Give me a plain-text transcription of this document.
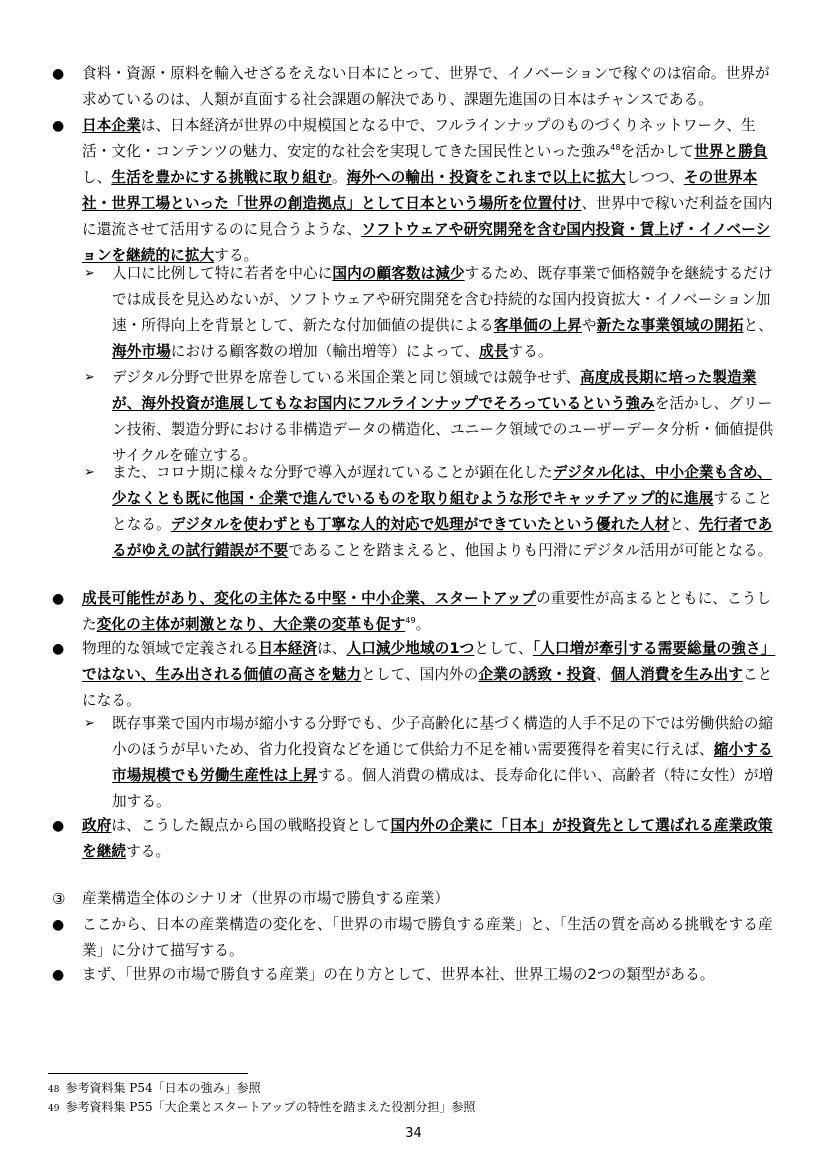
● 食料・資源・原料を輸入せざるをえない日本にとって、世界で、イノベーションで稼ぐのは宿命。世界が求めているのは、人類が直面する社会課題の解決であり、課題先進国の日本はチャンスである。
● 日本企業は、日本経済が世界の中規模国となる中で、フルラインナップのものづくりネットワーク、生活・文化・コンテンツの魅力、安定的な社会を実現してきた国民性といった強み$^{48}$を活かして世界と勝負し、生活を豊かにする挑戦に取り組む。海外への輸出・投資をこれまで以上に拡大しつつ、その世界本社・世界工場といった「世界の創造拠点」として日本という場所を位置付け、世界中で稼いだ利益を国内に還流させて活用するのに見合うような、ソフトウェアや研究開発を含む国内投資・賃上げ・イノベーションを継続的に拡大する。
➢ 人口に比例して特に若者を中心に国内の顧客数は減少するため、既存事業で価格競争を継続するだけでは成長を見込めないが、ソフトウェアや研究開発を含む持続的な国内投資拡大・イノベーション加速・所得向上を背景として、新たな付加価値の提供による客単価の上昇や新たな事業領域の開拓と、海外市場における顧客数の増加（輸出増等）によって、成長する。
➢ デジタル分野で世界を席巻している米国企業と同じ領域では競争せず、高度成長期に培った製造業が、海外投資が進展してもなお国内にフルラインナップでそろっているという強みを活かし、グリーン技術、製造分野における非構造データの構造化、ユニーク領域でのユーザーデータ分析・価値提供サイクルを確立する。
➢ また、コロナ期に様々な分野で導入が遅れていることが顕在化したデジタル化は、中小企業も含め、少なくとも既に他国・企業で進んでいるものを取り組むような形でキャッチアップ的に進展することとなる。デジタルを使わずとも丁寧な人的対応で処理ができていたという優れた人材と、先行者であるがゆえの試行錯誤が不要であることを踏まえると、他国よりも円滑にデジタル活用が可能となる。
● 成長可能性があり、変化の主体たる中堅・中小企業、スタートアップの重要性が高まるとともに、こうした変化の主体が刺激となり、大企業の変革も促す$^{49}$。
● 物理的な領域で定義される日本経済は、人口減少地域の1つとして、「人口増が牽引する需要総量の強さ」ではない、生み出される価値の高さを魅力として、国内外の企業の誘致・投資、個人消費を生み出すことになる。
➢ 既存事業で国内市場が縮小する分野でも、少子高齢化に基づく構造的人手不足の下では労働供給の縮小のほうが早いため、省力化投資などを通じて供給力不足を補い需要獲得を着実に行えば、縮小する市場規模でも労働生産性は上昇する。個人消費の構成は、長寿命化に伴い、高齢者（特に女性）が増加する。
● 政府は、こうした観点から国の戦略投資として国内外の企業に「日本」が投資先として選ばれる産業政策を継続する。
③ 産業構造全体のシナリオ（世界の市場で勝負する産業）
● ここから、日本の産業構造の変化を、「世界の市場で勝負する産業」と、「生活の質を高める挑戦をする産業」に分けて描写する。
● まず、「世界の市場で勝負する産業」の在り方として、世界本社、世界工場の2つの類型がある。
48 参考資料集 P54「日本の強み」参照
49 参考資料集 P55「大企業とスタートアップの特性を踏まえた役割分担」参照
34
